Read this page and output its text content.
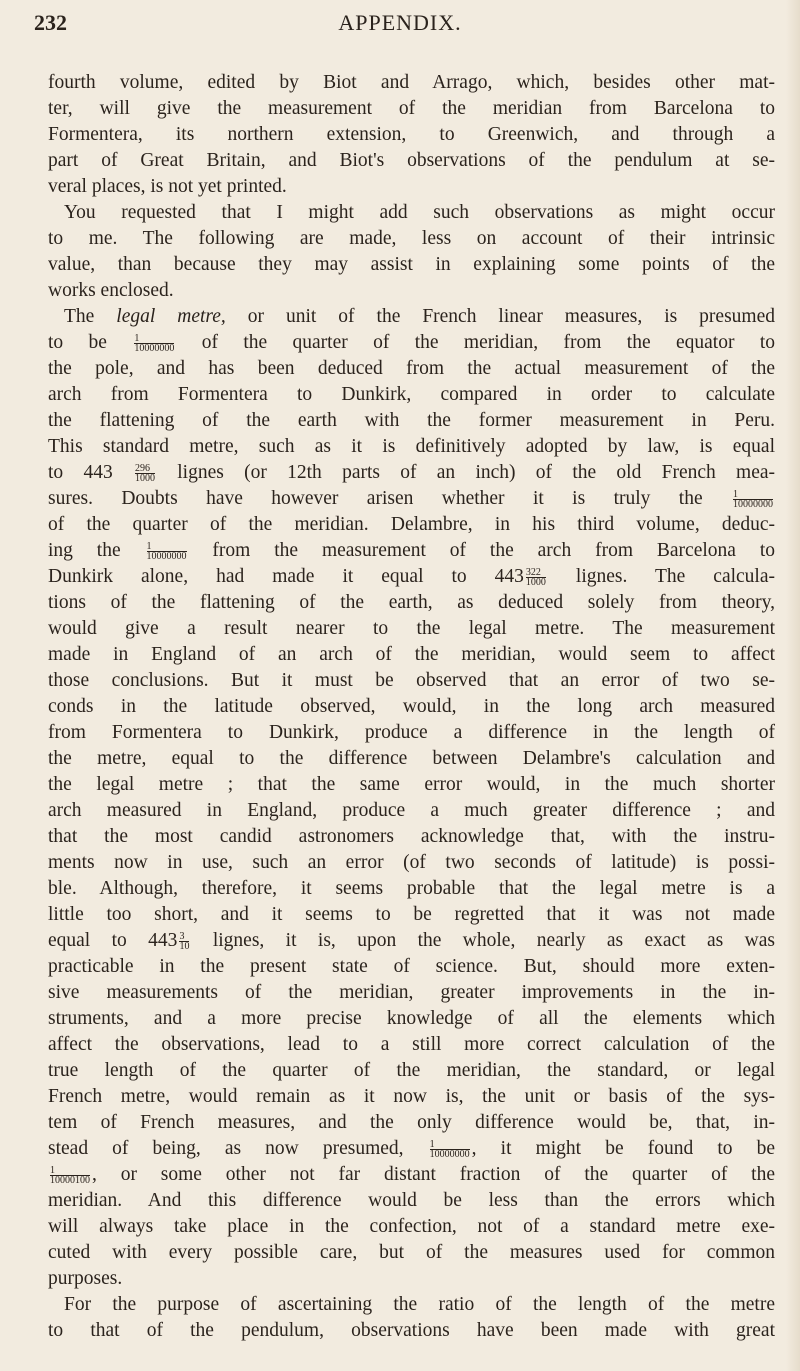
232	APPENDIX.
fourth volume, edited by Biot and Arrago, which, besides other mat-
ter, will give the measurement of the meridian from Barcelona to
Formentera, its northern extension, to Greenwich, and through a
part of Great Britain, and Biot's observations of the pendulum at se-
veral places, is not yet printed.
You requested that I might add such observations as might occur
to me. The following are made, less on account of their intrinsic
value, than because they may assist in explaining some points of the
works enclosed.
The legal metre, or unit of the French linear measures, is presumed
to be $\frac{1}{10000000}$ of the quarter of the meridian, from the equator to
the pole, and has been deduced from the actual measurement of the
arch from Formentera to Dunkirk, compared in order to calculate
the flattening of the earth with the former measurement in Peru.
This standard metre, such as it is definitively adopted by law, is equal
to $443 \frac{296}{1000}$ lignes (or 12th parts of an inch) of the old French mea-
sures. Doubts have however arisen whether it is truly the $\frac{1}{10000000}$
of the quarter of the meridian. Delambre, in his third volume, deduc-
ing the $\frac{1}{10000000}$ from the measurement of the arch from Barcelona to
Dunkirk alone, had made it equal to $443 \frac{322}{1000}$ lignes. The calcula-
tions of the flattening of the earth, as deduced solely from theory,
would give a result nearer to the legal metre. The measurement
made in England of an arch of the meridian, would seem to affect
those conclusions. But it must be observed that an error of two se-
conds in the latitude observed, would, in the long arch measured
from Formentera to Dunkirk, produce a difference in the length of
the metre, equal to the difference between Delambre's calculation and
the legal metre ; that the same error would, in the much shorter
arch measured in England, produce a much greater difference ; and
that the most candid astronomers acknowledge that, with the instru-
ments now in use, such an error (of two seconds of latitude) is possi-
ble. Although, therefore, it seems probable that the legal metre is a
little too short, and it seems to be regretted that it was not made
equal to $443 \frac{3}{10}$ lignes, it is, upon the whole, nearly as exact as was
practicable in the present state of science. But, should more exten-
sive measurements of the meridian, greater improvements in the in-
struments, and a more precise knowledge of all the elements which
affect the observations, lead to a still more correct calculation of the
true length of the quarter of the meridian, the standard, or legal
French metre, would remain as it now is, the unit or basis of the sys-
tem of French measures, and the only difference would be, that, in-
stead of being, as now presumed, $\frac{1}{10000000}$ , it might be found to be
$\frac{1}{10000100}$ , or some other not far distant fraction of the quarter of the
meridian. And this difference would be less than the errors which
will always take place in the confection, not of a standard metre exe-
cuted with every possible care, but of the measures used for common
purposes.
For the purpose of ascertaining the ratio of the length of the metre
to that of the pendulum, observations have been made with great
